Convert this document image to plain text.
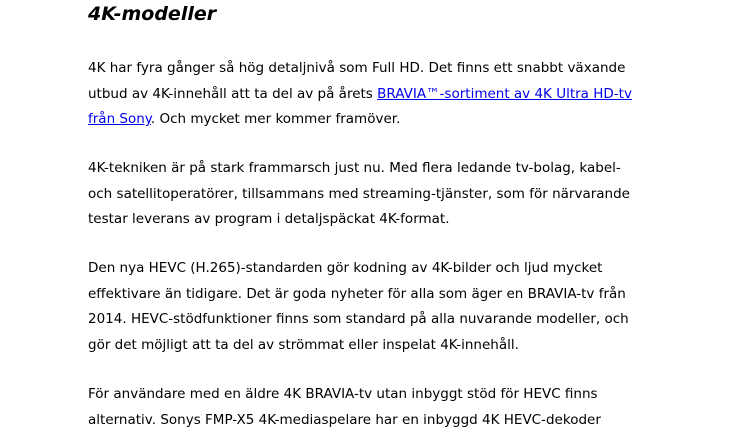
4K-modeller

4K har fyra gånger så hög detaljnivå som Full HD. Det finns ett snabbt växande
utbud av 4K-innehåll att ta del av på årets BRAVIA™-sortiment av 4K Ultra HD-tv
från Sony. Och mycket mer kommer framöver.

4K-tekniken är på stark frammarsch just nu. Med flera ledande tv-bolag, kabel-
och satellitoperatörer, tillsammans med streaming-tjänster, som för närvarande
testar leverans av program i detaljspäckat 4K-format.

Den nya HEVC (H.265)-standarden gör kodning av 4K-bilder och ljud mycket
effektivare än tidigare. Det är goda nyheter för alla som äger en BRAVIA-tv från
2014. HEVC-stödfunktioner finns som standard på alla nuvarande modeller, och
gör det möjligt att ta del av strömmat eller inspelat 4K-innehåll.

För användare med en äldre 4K BRAVIA-tv utan inbyggt stöd för HEVC finns
alternativ. Sonys FMP-X5 4K-mediaspelare har en inbyggd 4K HEVC-dekoder
